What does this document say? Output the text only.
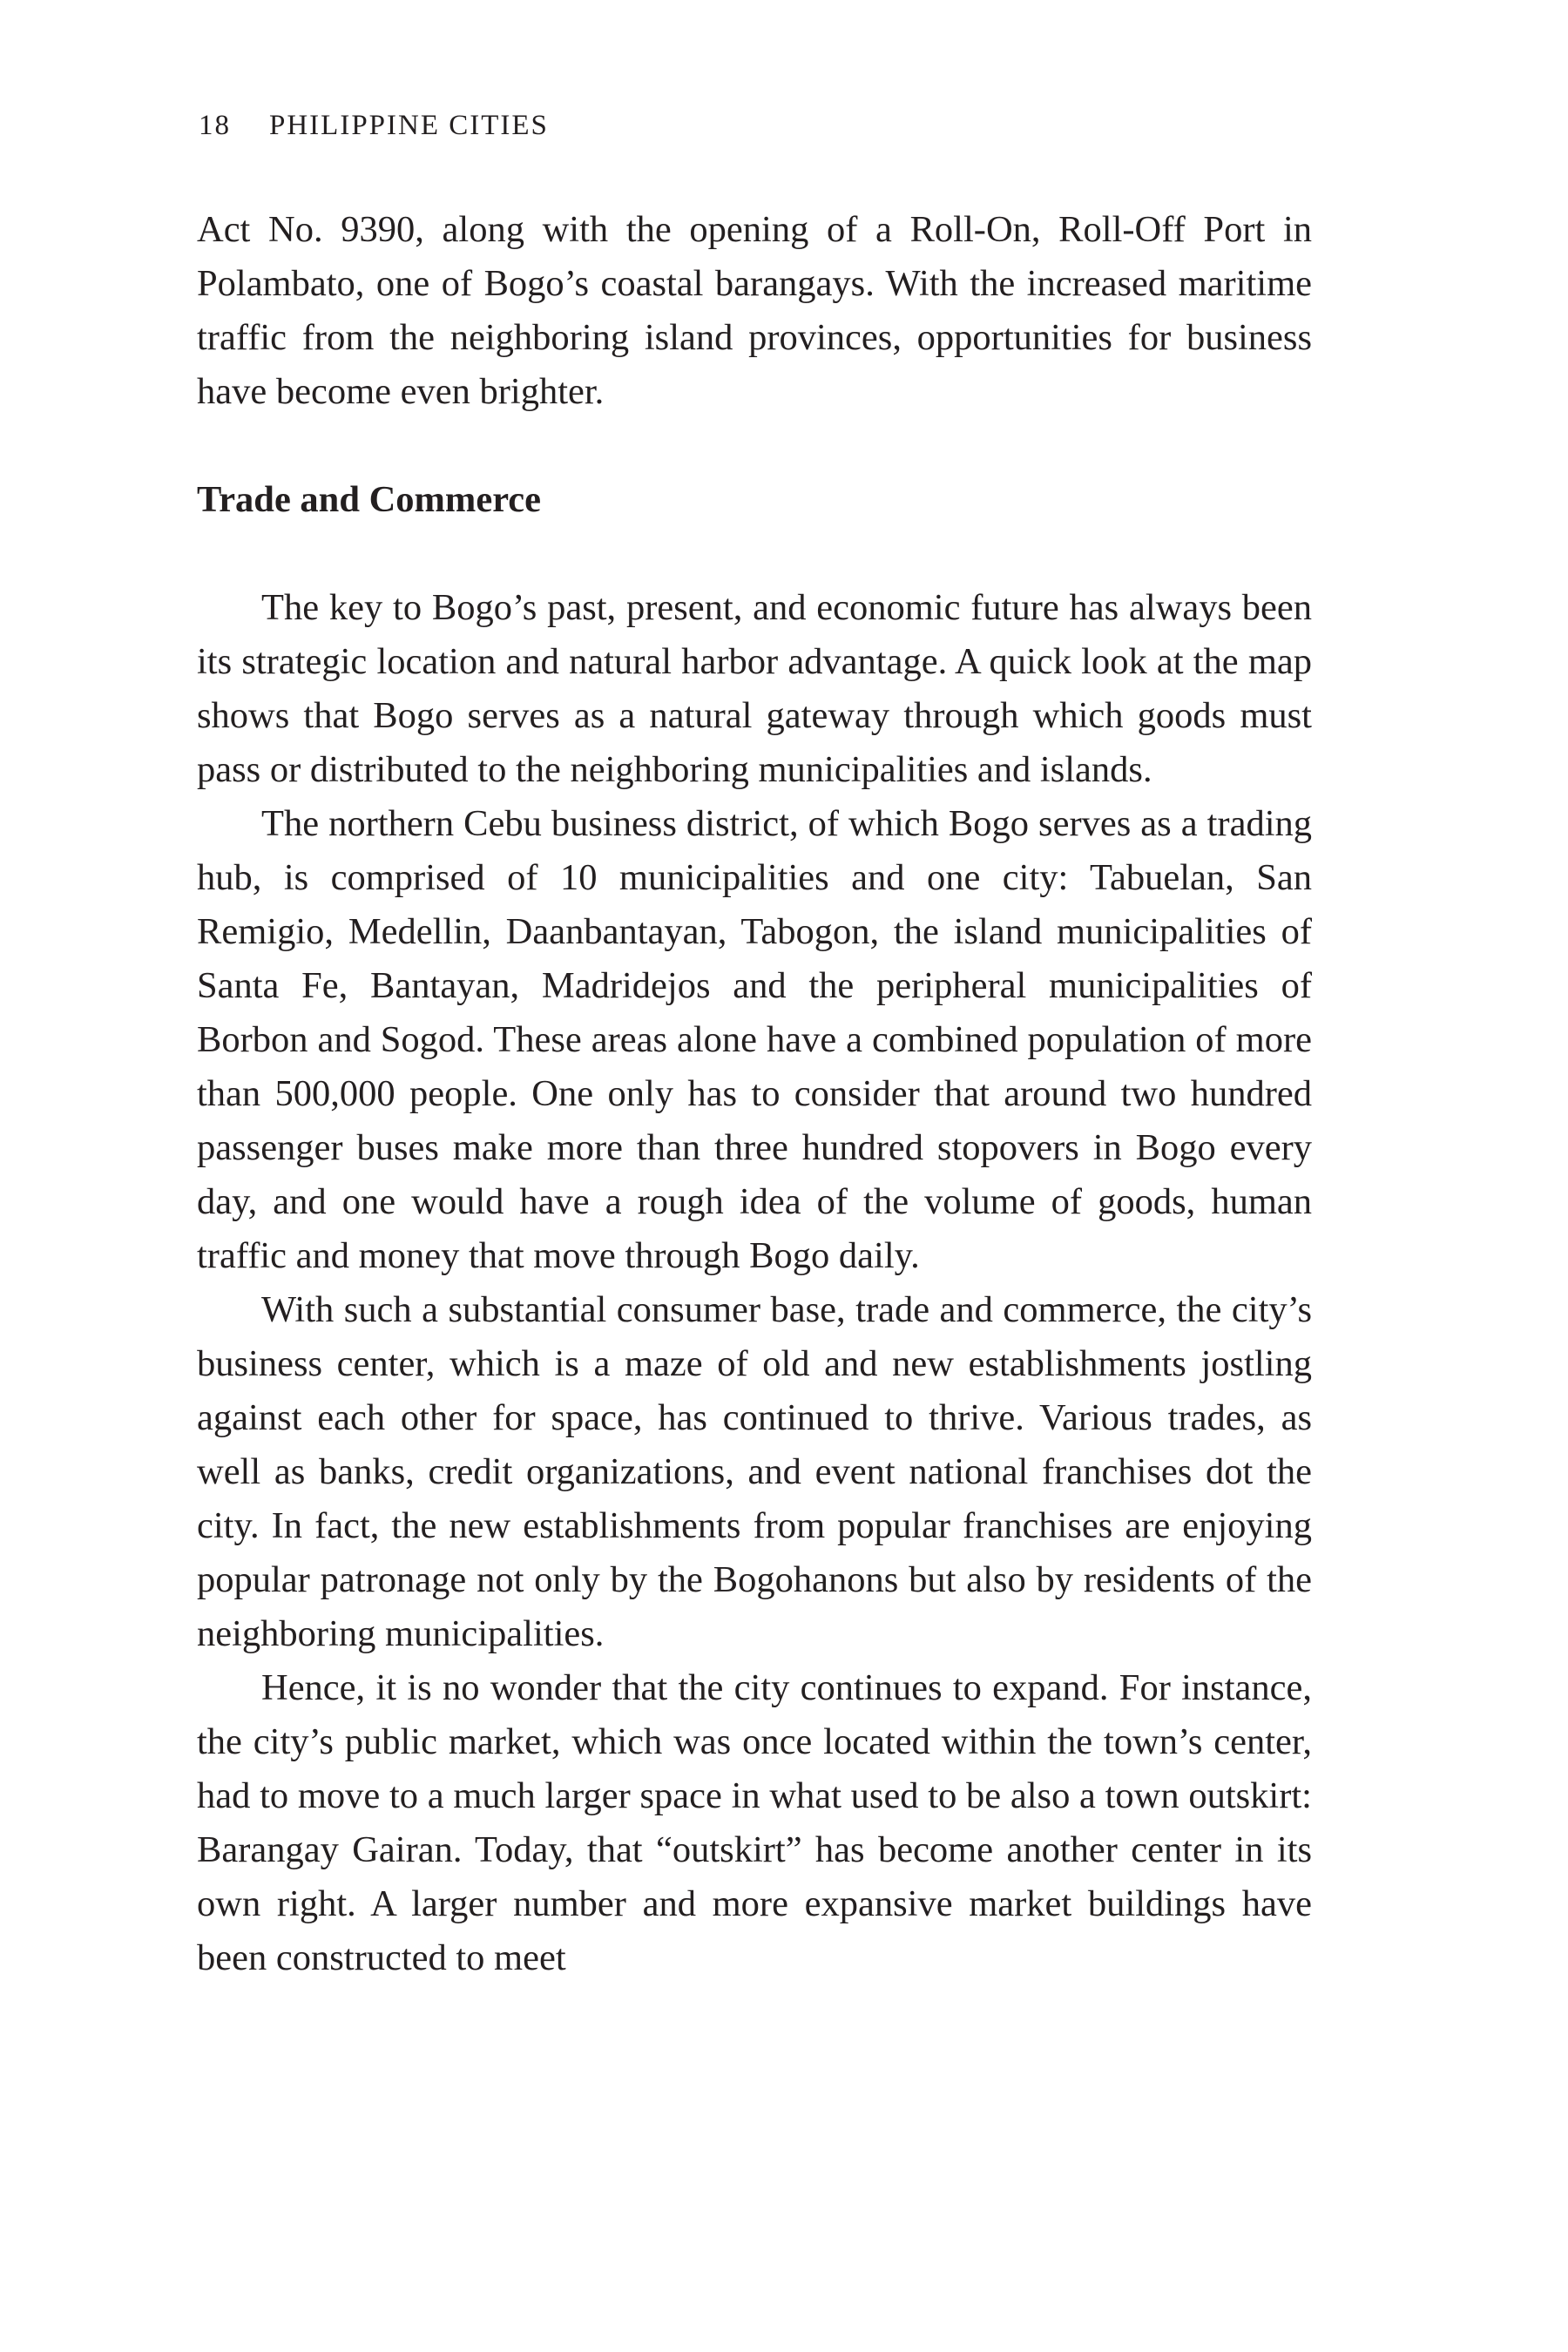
18 PHILIPPINE CITIES

Act No. 9390, along with the opening of a Roll-On, Roll-Off Port in Polambato, one of Bogo’s coastal barangays. With the increased maritime traffic from the neighboring island provinces, opportunities for business have become even brighter.

Trade and Commerce

The key to Bogo’s past, present, and economic future has always been its strategic location and natural harbor advantage. A quick look at the map shows that Bogo serves as a natural gateway through which goods must pass or distributed to the neighboring municipalities and islands.

The northern Cebu business district, of which Bogo serves as a trading hub, is comprised of 10 municipalities and one city: Tabuelan, San Remigio, Medellin, Daanbantayan, Tabogon, the island municipalities of Santa Fe, Bantayan, Madridejos and the peripheral municipalities of Borbon and Sogod. These areas alone have a combined population of more than 500,000 people. One only has to consider that around two hundred passenger buses make more than three hundred stopovers in Bogo every day, and one would have a rough idea of the volume of goods, human traffic and money that move through Bogo daily.

With such a substantial consumer base, trade and commerce, the city’s business center, which is a maze of old and new establishments jostling against each other for space, has continued to thrive. Various trades, as well as banks, credit organizations, and event national franchises dot the city. In fact, the new establishments from popular franchises are enjoying popular patronage not only by the Bogohanons but also by residents of the neighboring municipalities.

Hence, it is no wonder that the city continues to expand. For instance, the city’s public market, which was once located within the town’s center, had to move to a much larger space in what used to be also a town outskirt: Barangay Gairan. Today, that “outskirt” has become another center in its own right. A larger number and more expansive market buildings have been constructed to meet
